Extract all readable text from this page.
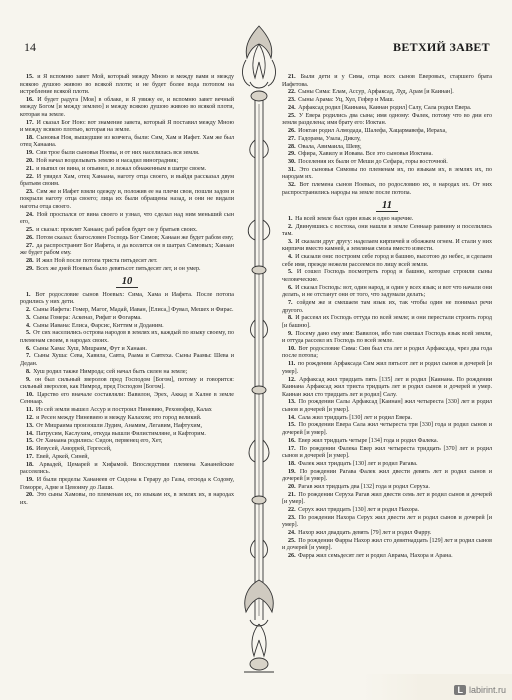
14	ВЕТХИЙ ЗАВЕТ

15. и Я вспомню завет Мой, который между Мною и между вами и между всякою душою живою во всякой плоти; и не будет более вода потопом на истребление всякой плоти.

16. И будет радуга [Моя] в облаке, и Я увижу ее, и вспомню завет вечный между Богом [и между землею] и между всякою душою живою во всякой плоти, которая на земле.

17. И сказал Бог Ною: вот знамение завета, который Я поставил между Мною и между всякою плотью, которая на земле.

18. Сыновья Ноя, вышедшие из ковчега, были: Сим, Хам и Иафет. Хам же был отец Ханаана.

19. Сии трое были сыновья Ноевы, и от них населилась вся земля.

20. Ной начал возделывать землю и насадил виноградник;

21. и выпил он вина, и опьянел, и лежал обнаженным в шатре своем.

22. И увидел Хам, отец Ханаана, наготу отца своего, и выйдя рассказал двум братьям своим.

23. Сим же и Иафет взяли одежду и, положив ее на плечи свои, пошли задом и покрыли наготу отца своего; лица их были обращены назад, и они не видали наготы отца своего.

24. Ной проспался от вина своего и узнал, что сделал над ним меньший сын его,

25. и сказал: проклят Ханаан; раб рабов будет он у братьев своих.

26. Потом сказал: благословен Господь Бог Симов; Ханаан же будет рабом ему;

27. да распространит Бог Иафета, и да вселится он в шатрах Симовых; Ханаан же будет рабом ему.

28. И жил Ной после потопа триста пятьдесят лет.

29. Всех же дней Ноевых было девятьсот пятьдесят лет, и он умер.

10

1. Вот родословие сынов Ноевых: Сима, Хама и Иафета. После потопа родились у них дети.

2. Сыны Иафета: Гомер, Магог, Мадай, Иаван, [Елиса,] Фувал, Мешех и Фирас.

3. Сыны Гомера: Аскеназ, Рифат и Фогарма.

4. Сыны Иавана: Елиса, Фарсис, Киттим и Доданим.

5. От сих населились острова народов в землях их, каждый по языку своему, по племенам своим, в народах своих.

6. Сыны Хама: Хуш, Мицраим, Фут и Ханаан.

7. Сыны Хуша: Сева, Хавила, Савта, Раама и Савтеха. Сыны Раамы: Шева и Дедан.

8. Хуш родил также Нимрода; сей начал быть силен на земле;

9. он был сильный зверолов пред Господом [Богом], потому и говорится: сильный зверолов, как Нимрод, пред Господом [Богом].

10. Царство его вначале составляли: Вавилон, Эрех, Аккад и Халне в земле Сеннаар.

11. Из сей земли вышел Ассур и построил Ниневию, Реховофир, Калах

12. и Ресен между Ниневиею и между Калахом; это город великий.

13. От Мицраима произошли Лудим, Анамим, Легавим, Нафтухим,

14. Патрусим, Каслухим, откуда вышли Филистимляне, и Кафторим.

15. От Ханаана родились: Сидон, первенец его, Хет,

16. Иевусей, Аморрей, Гергесей,

17. Евей, Аркей, Синей,

18. Арвадей, Цемарей и Хифамой. Впоследствии племена Хананейские рассеялись.

19. И были пределы Хананеев от Сидона к Герару до Газы, отсюда к Содому, Гоморре, Адме и Цевоиму до Лаши.

20. Это сыны Хамовы, по племенам их, по языкам их, в землях их, в народах их.

21. Были дети и у Сима, отца всех сынов Еверовых, старшего брата Иафетова.

22. Сыны Сима: Елам, Ассур, Арфаксад, Луд, Арам [и Каинан].

23. Сыны Арама: Уц, Хул, Гефер и Маш.

24. Арфаксад родил [Каинана, Каинан родил] Салу, Сала родил Евера.

25. У Евера родились два сына; имя одному: Фалек, потому что во дни его земля разделена; имя брату его: Иоктан.

26. Иоктан родил Алмодада, Шалефа, Хацармавефа, Иераха,

27. Гадорама, Узала, Диклу,

28. Овала, Авимаила, Шеву,

29. Офира, Хавилу и Иовава. Все это сыновья Иоктана.

30. Поселения их были от Меши до Сефара, горы восточной.

31. Это сыновья Симовы по племенам их, по языкам их, в землях их, по народам их.

32. Вот племена сынов Ноевых, по родословию их, в народах их. От них распространились народы на земле после потопа.

11

1. На всей земле был один язык и одно наречие.

2. Двинувшись с востока, они нашли в земле Сеннаар равнину и поселились там.

3. И сказали друг другу: наделаем кирпичей и обожжем огнем. И стали у них кирпичи вместо камней, а земляная смола вместо извести.

4. И сказали они: построим себе город и башню, высотою до небес, и сделаем себе имя, прежде нежели рассеемся по лицу всей земли.

5. И сошел Господь посмотреть город и башню, которые строили сыны человеческие.

6. И сказал Господь: вот, один народ, и один у всех язык; и вот что начали они делать, и не отстанут они от того, что задумали делать;

7. сойдем же и смешаем там язык их, так чтобы один не понимал речи другого.

8. И рассеял их Господь оттуда по всей земле; и они перестали строить город [и башню].

9. Посему дано ему имя: Вавилон, ибо там смешал Господь язык всей земли, и оттуда рассеял их Господь по всей земле.

10. Вот родословие Сима: Сим был ста лет и родил Арфаксада, чрез два года после потопа;

11. по рождении Арфаксада Сим жил пятьсот лет и родил сынов и дочерей [и умер].

12. Арфаксад жил тридцать пять [135] лет и родил [Каинана. По рождении Каинана Арфаксад жил триста тридцать лет и родил сынов и дочерей и умер. Каинан жил сто тридцать лет и родил] Салу.

13. По рождении Салы Арфаксад [Каинан] жил четыреста [330] лет и родил сынов и дочерей [и умер].

14. Сала жил тридцать [130] лет и родил Евера.

15. По рождении Евера Сала жил четыреста три [330] года и родил сынов и дочерей [и умер].

16. Евер жил тридцать четыре [134] года и родил Фалека.

17. По рождении Фалека Евер жил четыреста тридцать [370] лет и родил сынов и дочерей [и умер].

18. Фалек жил тридцать [130] лет и родил Рагава.

19. По рождении Рагава Фалек жил двести девять лет и родил сынов и дочерей [и умер].

20. Рагав жил тридцать два [132] года и родил Серуха.

21. По рождении Серуха Рагав жил двести семь лет и родил сынов и дочерей [и умер].

22. Серух жил тридцать [130] лет и родил Нахора.

23. По рождении Нахора Серух жил двести лет и родил сынов и дочерей [и умер].

24. Нахор жил двадцать девять [79] лет и родил Фарру.

25. По рождении Фарры Нахор жил сто девятнадцать [129] лет и родил сынов и дочерей [и умер].

26. Фарра жил семьдесят лет и родил Аврама, Нахора и Арана.

L labirint.ru
